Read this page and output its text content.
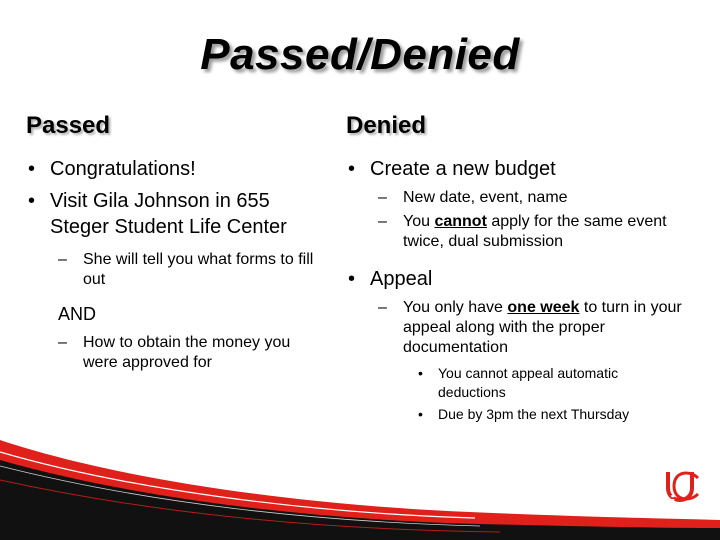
Passed/Denied
Passed
• Congratulations!
• Visit Gila Johnson in 655 Steger Student Life Center
– She will tell you what forms to fill out
AND
– How to obtain the money you were approved for
Denied
• Create a new budget
– New date, event, name
– You cannot apply for the same event twice, dual submission
• Appeal
– You only have one week to turn in your appeal along with the proper documentation
• You cannot appeal automatic deductions
• Due by 3pm the next Thursday
UNIVERSITY OF
Cincinnati
